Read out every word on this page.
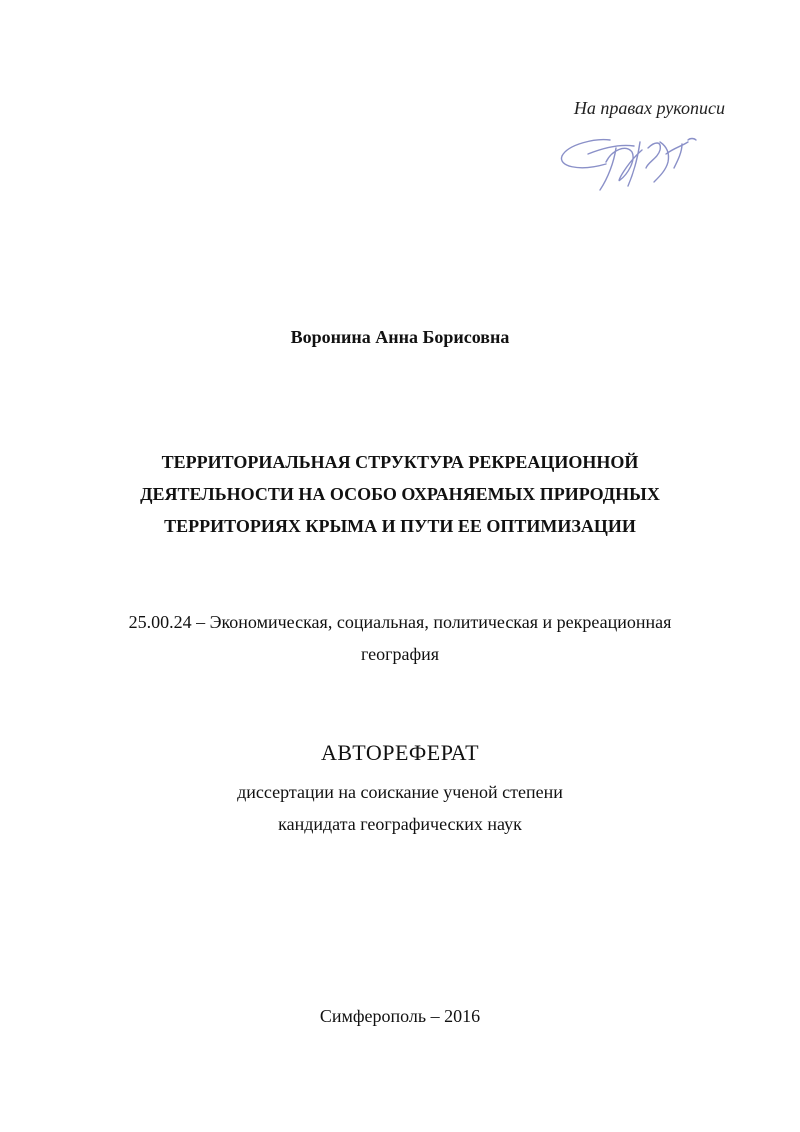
На правах рукописи
Воронина Анна Борисовна
ТЕРРИТОРИАЛЬНАЯ СТРУКТУРА РЕКРЕАЦИОННОЙ
ДЕЯТЕЛЬНОСТИ НА ОСОБО ОХРАНЯЕМЫХ ПРИРОДНЫХ
ТЕРРИТОРИЯХ КРЫМА И ПУТИ ЕЕ ОПТИМИЗАЦИИ
25.00.24 – Экономическая, социальная, политическая и рекреационная
география
АВТОРЕФЕРАТ
диссертации на соискание ученой степени
кандидата географических наук
Симферополь – 2016
